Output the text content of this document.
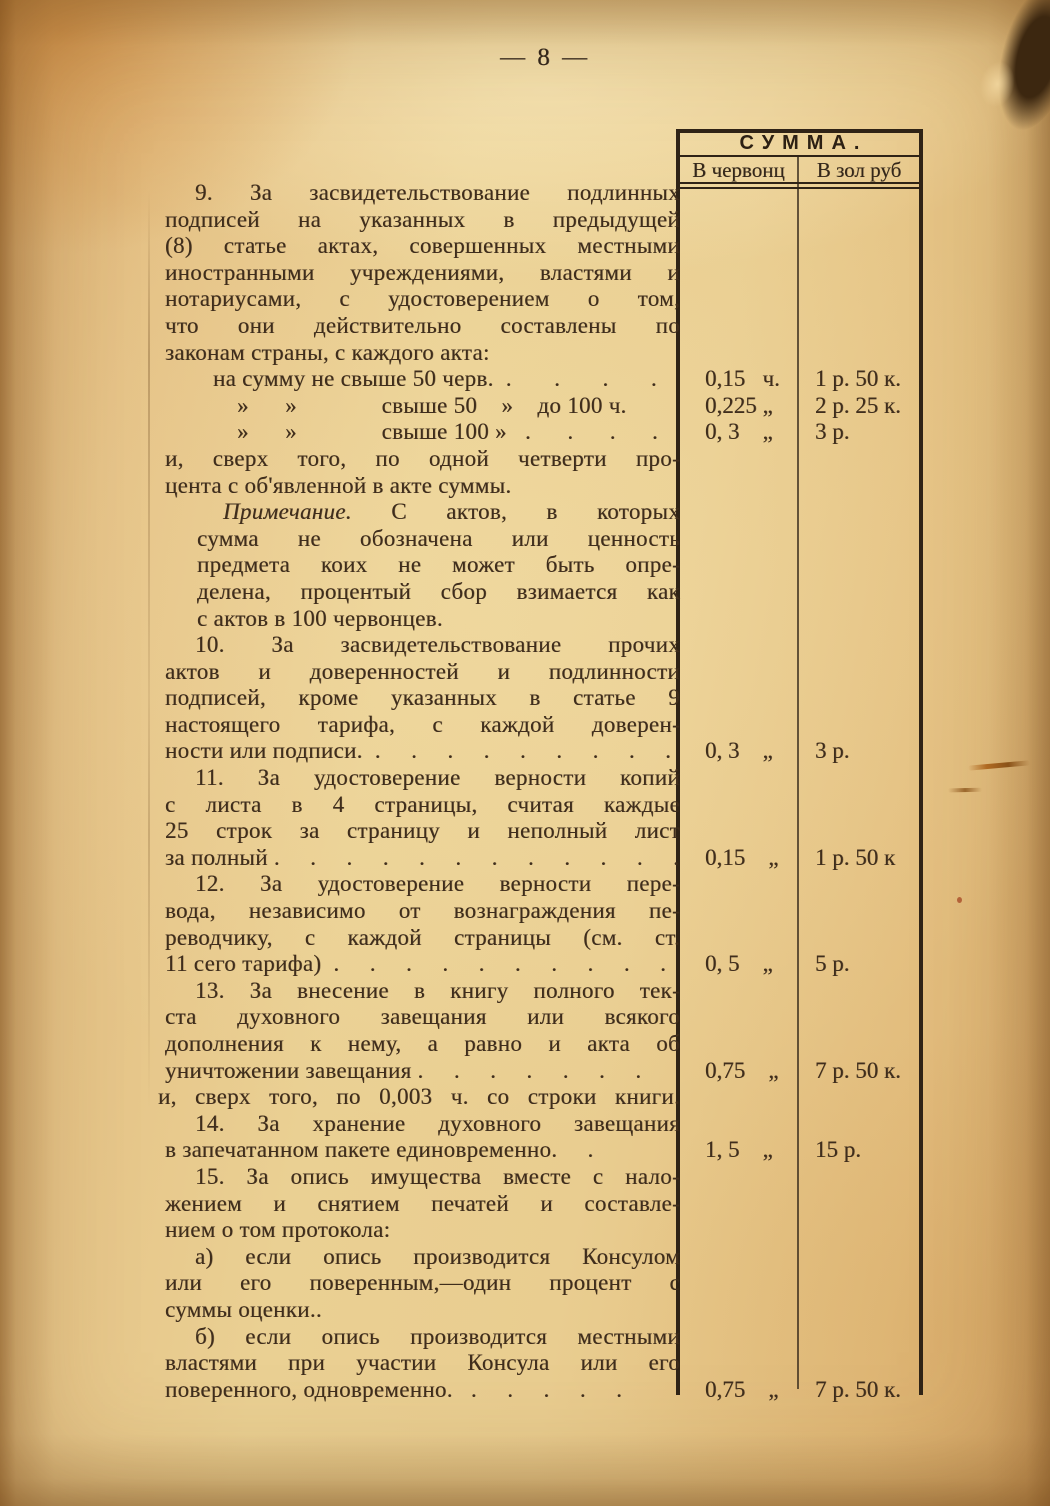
— 8 —
СУММА.
В червонц	В зол руб
9. За засвидетельствование подлинных
подписей на указанных в предыдущей
(8) статье актах, совершенных местными
иностранными учреждениями, властями и
нотариусами, с удостоверением о том,
что они действительно составлены по
законам страны, с каждого акта:
на сумму не свыше 50 черв.  .       .       .       .	0,15   ч. 1 р. 50 к.
»      »              свыше 50    »    до 100 ч.	0,225 „ 2 р. 25 к.
»      »              свыше 100 »   .      .      .      .	0, 3    „ 3 р.
и, сверх того, по одной четверти про-
цента с об'явленной в акте суммы.
Примечание. С актов, в которых
сумма не обозначена или ценность
предмета коих не может быть опре-
делена, процентый сбор взимается как
с актов в 100 червонцев.
10. За засвидетельствование прочих
актов и доверенностей и подлинности
подписей, кроме указанных в статье 9
настоящего тарифа, с каждой доверен-
ности или подписи.  .     .     .     .     .     .     .     .     .	0, 3    „ 3 р.
11. За удостоверение верности копий
с листа в 4 страницы, считая каждые
25 строк за страницу и неполный лист
за полный .     .     .     .     .     .     .     .     .     .     .     . 0,15    „ 1 р. 50 к
12. За удостоверение верности пере-
вода, независимо от вознаграждения пе-
реводчику, с каждой страницы (см. ст.
11 сего тарифа)  .     .     .     .     .     .     .     .     .     .	0, 5    „ 5 р.
13. За внесение в книгу полного тек-
ста духовного завещания или всякого
дополнения к нему, а равно и акта об
уничтожении завещания .     .     .     .     .     .     .	0,75    „ 7 р. 50 к.
и, сверх того, по 0,003 ч. со строки книги.
14. За хранение духовного завещания
в запечатанном пакете единовременно.     .	1, 5    „ 15 р.
15. За опись имущества вместе с нало-
жением и снятием печатей и составле-
нием о том протокола:
а) если опись производится Консулом
или его поверенным,—один процент с
суммы оценки..
б) если опись производится местными
властями при участии Консула или его
поверенного, одновременно.   .     .     .     .     .	0,75    „ 7 р. 50 к.
